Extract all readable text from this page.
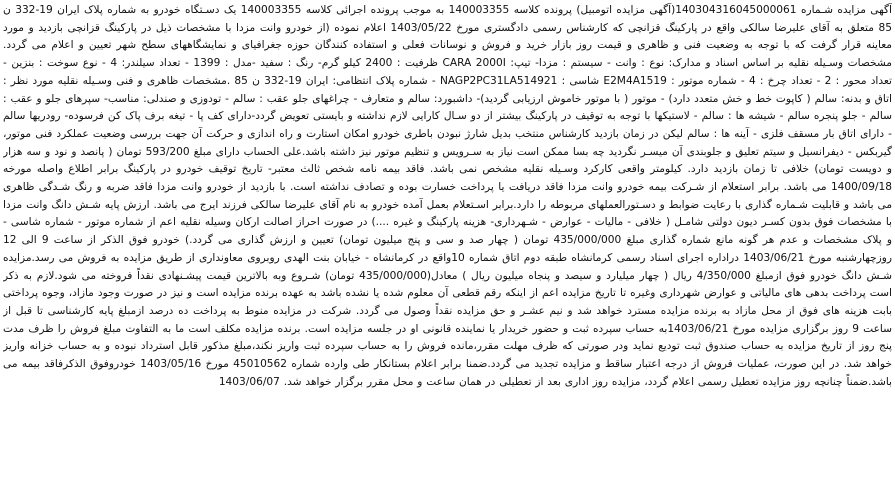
آگهی مزایده شـماره 140304316045000061(آگهی مزایده اتومبیل) پرونده کلاسه 140003355 به موجب پرونده اجرائی کلاسه 140003355 یک دسـتگاه خودرو به شماره پلاک ایران 19-332 ن 85 متعلق به آقای علیرضا سالکی واقع در پارکینگ قزانچی که کارشناس رسمی دادگستری مورخ 1403/05/22 اعلام نموده (از خودرو وانت مزدا با مشخصات ذیل در پارکینگ قزانچی بازدید و مورد معاینه قرار گرفت که با توجه به وضعیت فنی و ظاهری و قیمت روز بازار خرید و فروش و نوسانات فعلی و استفاده کنندگان حوزه جغرافیای و نمایشگاههای سطح شهر تعیین و اعلام می گردد. مشخصات وسـیله نقلیه بر اساس اسناد و مدارک: نوع : وانت - سیستم : مزدا- تیپ: CARA 2000I ظرفیت : 2400 کیلو گرم- رنگ : سفید -مدل : 1399 - تعداد سیلندر: 4 - نوع سوخت : بنزین - تعداد محور : 2 - تعداد چرخ : 4 - شماره موتور : E2M4A1519 شاسی : NAGP2PC31LA514921 - شماره پلاک انتظامی: ایران 19-332 ن 85 .مشخصات ظاهری و فنی وسـیله نقلیه مورد نظر : اتاق و بدنه: سالم ( کاپوت خط و خش متعدد دارد) - موتور ( با موتور خاموش ارزیابی گردید)- داشبورد: سالم و متعارف - چراغهای جلو عقب : سالم - تودوزی و صندلی: مناسب- سپرهای جلو و عقب : سالم - جلو پنجره سالم - شیشه ها : سالم - لاستیکها با توجه به توقیف در پارکینگ بیشتر از دو سـال کارایی لازم نداشته و بایستی تعویض گردد-دارای کف پا - تیغه برف پاک کن فرسوده- رودریها سالم - دارای اتاق بار مسقف فلزی - آینه ها : سالم لیکن در زمان بازدید کارشناس منتخب بدیل شارژ نبودن باطری خودرو امکان استارت و راه اندازی و حرکت آن جهت بررسی وضعیت عملکرد فنی موتور، گیربکس - دیفرانسیل و سیتم تعلیق و جلوبندی آن میسـر نگردید چه بسا ممکن است نیاز به سـرویس و تنظیم موتور نیز داشته باشد.علی الحساب دارای مبلغ 593/200 تومان ( پانصد و نود و سه هزار و دویست تومان) خلافی تا زمان بازدید دارد. کیلومتر واقعی کارکرد وسـیله نقلیه مشخص نمی باشد. فاقد بیمه نامه شخص ثالث معتبر- تاریخ توقیف خودرو در پارکینگ برابر اطلاع واصله مورخه 1400/09/18 می باشد. برابر استعلام از شـرکت بیمه خودرو وانت مزدا فاقد دریافت یا پرداخت خسارت بوده و تصادف نداشته است. با بازدید از خودرو وانت مزدا فاقد ضربه و رنگ شـدگی ظاهری می باشد و قابلیت شـماره گذاری با رعایت ضوابط و دسـتورالعملهای مربوطه را دارد.برابر اسـتعلام بعمل آمده خودرو به نام آقای علیرضا سالکی فرزند ایرج می باشد. ارزش پایه شـش دانگ وانت مزدا با مشخصات فوق بدون کسـر دیون دولتی شامـل ( خلافی - مالیات - عوارض - شـهرداری- هزینه پارکینگ و غیره ....) در صورت احراز اصالت ارکان وسیله نقلیه اعم از شماره موتور - شماره شاسی - و پلاک مشخصات و عدم هر گونه مانع شماره گذاری مبلغ 435/000/000 تومان ( چهار صد و سی و پنج میلیون تومان) تعیین و ارزش گذاری می گردد.) خودرو فوق الذکر از ساعت 9 الی 12 روزچهارشنبه مورخ 1403/06/21 دراداره اجرای اسناد رسمی کرمانشاه طبقه دوم اتاق شماره 10واقع در کرمانشاه - خیابان بنت الهدی روبروی معاونداری از طریق مزایده به فروش می رسد.مزایده شـش دانگ خودرو فوق ازمبلغ 4/350/000 ریال ( چهار میلیارد و سیصد و پنجاه میلیون ریال ) معادل(435/000/000 تومان) شـروع وبه بالاترین قیمت پیشـنهادی نقداً فروخته می شود.لازم به ذکر است پرداخت بدهی های مالیاتی و عوارض شهرداری وغیره تا تاریخ مزایده اعم از اینکه رقم قطعی آن معلوم شده یا نشده باشد به عهده برنده مزایده است و نیز در صورت وجود مازاد، وجوه پرداختی بابت هزینه های فوق از محل مازاد به برنده مزایده مسترد خواهد شد و نیم عشـر و حق مزایده نقداً وصول می گردد. شرکت در مزایده منوط به پرداخت ده درصد ازمبلغ پایه کارشناسی تا قبل از ساعت 9 روز برگزاری مزایده مورخ 1403/06/21به حساب سپرده ثبت و حضور خریدار یا نماینده قانونی او در جلسه مزایده است. برنده مزایده مکلف است ما به التفاوت مبلغ فروش را ظرف مدت پنج روز از تاریخ مزایده به حساب صندوق ثبت تودیع نماید ودر صورتی که ظرف مهلت مقرر،مانده فروش را به حساب سپرده ثبت واریز نکند،مبلغ مذکور قابل استرداد نبوده و به حساب خزانه واریز خواهد شد. در این صورت، عملیات فروش از درجه اعتبار ساقط و مزایده تجدید می گردد.ضمنا برابر اعلام بستانکار طی وارده شماره 45010562 مورخ 1403/05/16 خودروفوق الذکرفاقد بیمه می باشد.ضمناً چنانچه روز مزایده تعطیل رسمی اعلام گردد، مزایده روز اداری بعد از تعطیلی در همان ساعت و محل مقرر برگزار خواهد شد. 1403/06/07
